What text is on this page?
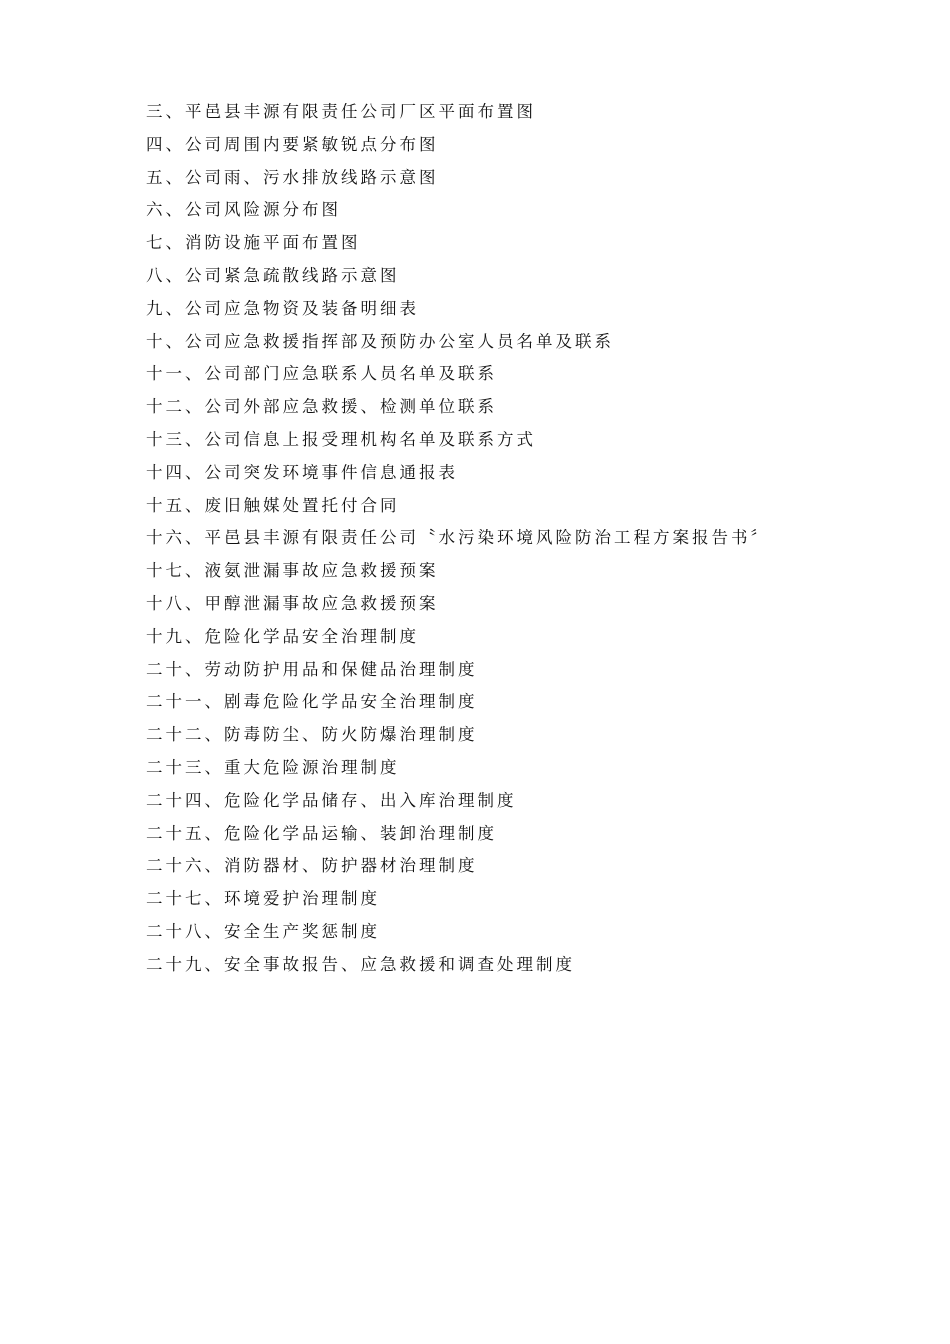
三、平邑县丰源有限责任公司厂区平面布置图
四、公司周围内要紧敏锐点分布图
五、公司雨、污水排放线路示意图
六、公司风险源分布图
七、消防设施平面布置图
八、公司紧急疏散线路示意图
九、公司应急物资及装备明细表
十、公司应急救援指挥部及预防办公室人员名单及联系
十一、公司部门应急联系人员名单及联系
十二、公司外部应急救援、检测单位联系
十三、公司信息上报受理机构名单及联系方式
十四、公司突发环境事件信息通报表
十五、废旧触媒处置托付合同
十六、平邑县丰源有限责任公司〝水污染环境风险防治工程方案报告书〞
十七、液氨泄漏事故应急救援预案
十八、甲醇泄漏事故应急救援预案
十九、危险化学品安全治理制度
二十、劳动防护用品和保健品治理制度
二十一、剧毒危险化学品安全治理制度
二十二、防毒防尘、防火防爆治理制度
二十三、重大危险源治理制度
二十四、危险化学品储存、出入库治理制度
二十五、危险化学品运输、装卸治理制度
二十六、消防器材、防护器材治理制度
二十七、环境爱护治理制度
二十八、安全生产奖惩制度
二十九、安全事故报告、应急救援和调查处理制度
